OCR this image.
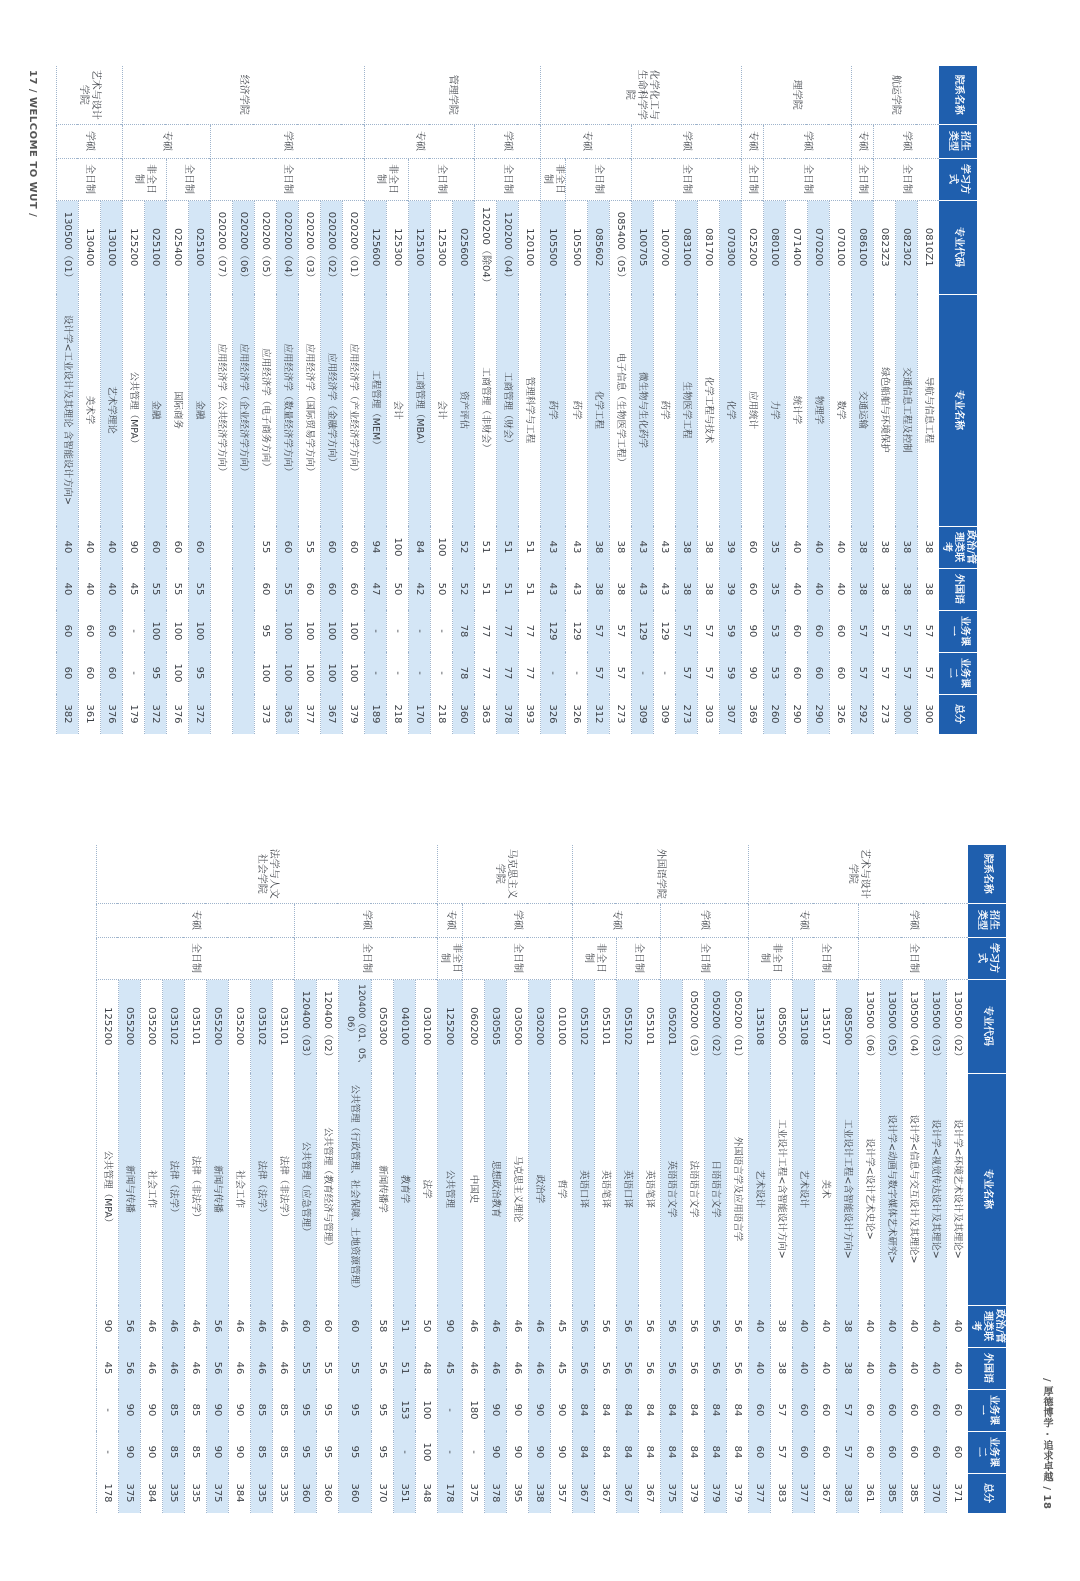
17 / WELCOME TO WUT /
/ 厚德博学 · 追求卓越 / 18
院系名称	招生类型	学习方式	专业代码	专业名称	政治/管理类联考	外国语	业务课一	业务课二	总分
航运学院	学硕	全日制	0810Z1	导航与信息工程	38	38	57	57	300
			082302	交通信息工程及控制	38	38	57	57	300
			0823Z3	绿色船舶与环境保护	38	38	57	57	273
	专硕	全日制	086100	交通运输	38	38	57	57	292
理学院	学硕	全日制	070100	数学	40	40	60	60	326
			070200	物理学	40	40	60	60	290
			071400	统计学	40	40	60	60	290
			080100	力学	35	35	53	53	260
	专硕	全日制	025200	应用统计	60	60	90	90	369
化学化工与生命科学学院	学硕	全日制	070300	化学	39	39	59	59	307
			081700	化学工程与技术	38	38	57	57	303
			083100	生物医学工程	38	38	57	57	273
			100700	药学	43	43	129	-	309
			100705	微生物与生化药学	43	43	129	-	309
	专硕	全日制	085400（05）	电子信息（生物医学工程）	38	38	57	57	273
			085602	化学工程	38	38	57	57	312
			105500	药学	43	43	129	-	326
		非全日制	105500	药学	43	43	129	-	326
管理学院	学硕	全日制	120100	管理科学与工程	51	51	77	77	393
			120200（04）	工商管理（财会）	51	51	77	77	378
			120200（除04）	工商管理（非财会）	51	51	77	77	363
	专硕	全日制	025600	资产评估	52	52	78	78	360
			125300	会计	100	50	-	-	218
			125100	工商管理（MBA）	84	42	-	-	170
		非全日制	125300	会计	100	50	-	-	218
			125600	工程管理（MEM）	94	47	-	-	189
经济学院	学硕	全日制	020200（01）	应用经济学（产业经济学方向）	60	60	100	100	379
			020200（02）	应用经济学（金融学方向）	60	60	100	100	367
			020200（03）	应用经济学（国际贸易学方向）	55	60	100	100	377
			020200（04）	应用经济学（数量经济学方向）	60	55	100	100	363
			020200（05）	应用经济学（电子商务方向）	55	60	95	100	373
			020200（06）	应用经济学（企业经济学方向）					
			020200（07）	应用经济学（公共经济学方向）					
	专硕	全日制	025100	金融	60	55	100	95	372
			025400	国际商务	60	55	100	100	376
		非全日制	025100	金融	60	55	100	95	372
			125200	公共管理（MPA）	90	45	-	-	179
艺术与设计学院	学硕	全日制	130100	艺术学理论	40	40	60	60	376
			130400	美术学	40	40	60	60	361
			130500（01）	设计学<工业设计及其理论 含智能设计方向>	40	40	60	60	382
院系名称	招生类型	学习方式	专业代码	专业名称	政治/管理类联考	外国语	业务课一	业务课二	总分
艺术与设计学院	学硕	全日制	130500（02）	设计学<环境艺术设计及其理论>	40	40	60	60	371
			130500（03）	设计学<视觉传达设计及其理论>	40	40	60	60	370
			130500（04）	设计学<信息与交互设计及其理论>	40	40	60	60	385
			130500（05）	设计学<动画与数字媒体艺术研究>	40	40	60	60	385
			130500（06）	设计学<设计艺术史论>	40	40	60	60	361
	专硕	全日制	085500	工业设计工程<含智能设计方向>	38	38	57	57	383
			135107	美术	40	40	60	60	367
			135108	艺术设计	40	40	60	60	377
		非全日制	085500	工业设计工程<含智能设计方向>	38	38	57	57	383
			135108	艺术设计	40	40	60	60	377
外国语学院	学硕	全日制	050200（01）	外国语言学及应用语言学	56	56	84	84	379
			050200（02）	日语语言文学	56	56	84	84	379
			050200（03）	法语语言文学	56	56	84	84	379
			050201	英语语言文学	56	56	84	84	375
	专硕	全日制	055101	英语笔译	56	56	84	84	367
			055102	英语口译	56	56	84	84	367
		非全日制	055101	英语笔译	56	56	84	84	367
			055102	英语口译	56	56	84	84	367
马克思主义学院	学硕	全日制	010100	哲学	45	45	90	90	357
			030200	政治学	46	46	90	90	338
			030500	马克思主义理论	46	46	90	90	395
			030505	思想政治教育	46	46	90	90	378
			060200	中国史	46	46	180	-	375
	专硕	非全日制	125200	公共管理	90	45	-	-	178
法学与人文社会学院	学硕	全日制	030100	法学	50	48	100	100	348
			040100	教育学	51	51	153	-	351
			050300	新闻传播学	58	56	95	95	370
			120400（01、05、06）	公共管理（行政管理、社会保障、土地资源管理）	60	55	95	95	360
			120400（02）	公共管理（教育经济与管理）	60	55	95	95	360
			120400（03）	公共管理（应急管理）	60	55	95	95	360
	专硕	全日制	035101	法律（非法学）	46	46	85	85	335
			035102	法律（法学）	46	46	85	85	335
			035200	社会工作	46	46	90	90	384
			055200	新闻与传播	56	56	90	90	375
			035101	法律（非法学）	46	46	85	85	335
			035102	法律（法学）	46	46	85	85	335
			035200	社会工作	46	46	90	90	384
			055200	新闻与传播	56	56	90	90	375
			125200	公共管理（MPA）	90	45	-	-	178
